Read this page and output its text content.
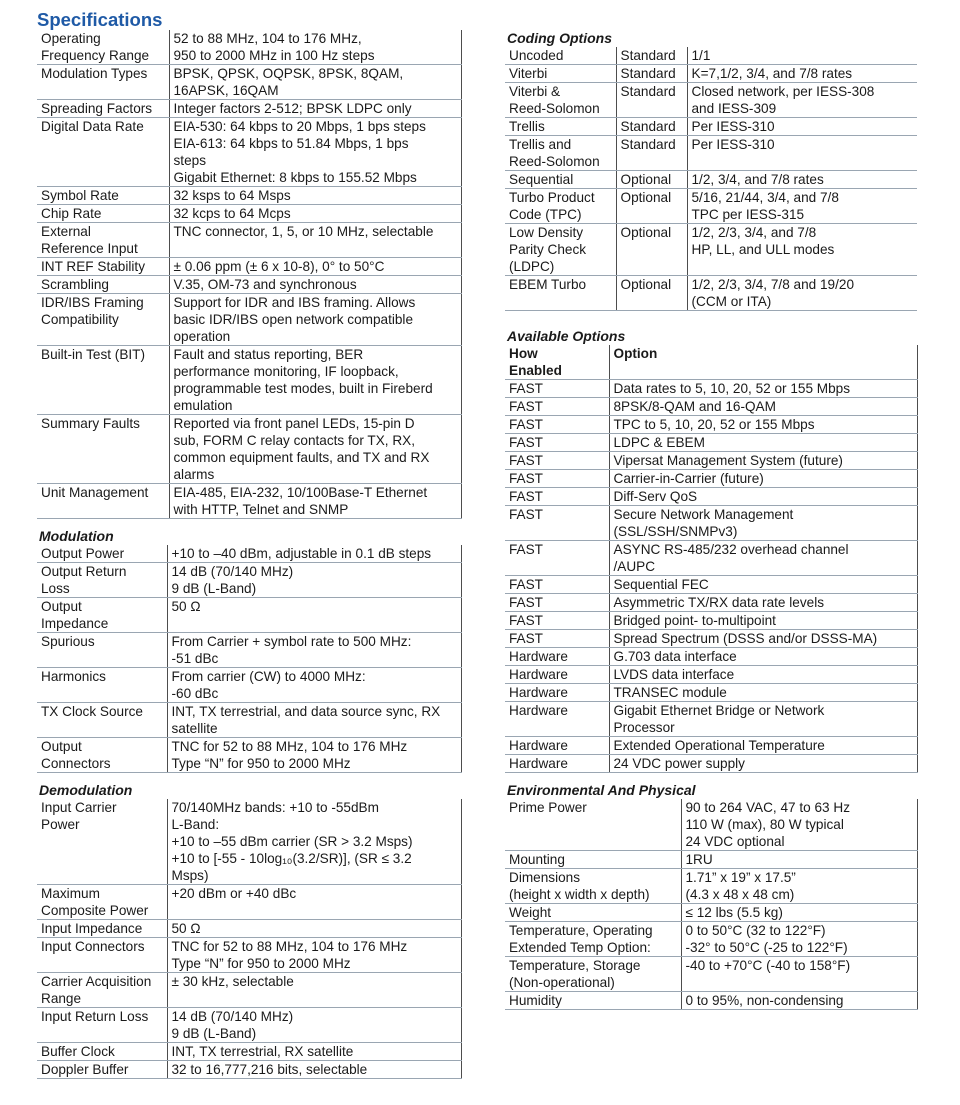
Specifications
Operating
Frequency Range	52 to 88 MHz, 104 to 176 MHz,
950 to 2000 MHz in 100 Hz steps

Modulation Types	BPSK, QPSK, OQPSK, 8PSK, 8QAM,
16APSK, 16QAM

Spreading Factors	Integer factors 2-512; BPSK LDPC only

Digital Data Rate	EIA-530: 64 kbps to 20 Mbps, 1 bps steps
EIA-613: 64 kbps to 51.84 Mbps, 1 bps
steps
Gigabit Ethernet: 8 kbps to 155.52 Mbps

Symbol Rate	32 ksps to 64 Msps

Chip Rate	32 kcps to 64 Mcps

External
Reference Input	TNC connector, 1, 5, or 10 MHz, selectable

INT REF Stability	± 0.06 ppm (± 6 x 10-8), 0° to 50°C

Scrambling	V.35, OM-73 and synchronous

IDR/IBS Framing
Compatibility	Support for IDR and IBS framing. Allows
basic IDR/IBS open network compatible
operation

Built-in Test (BIT)	Fault and status reporting, BER
performance monitoring, IF loopback,
programmable test modes, built in Fireberd
emulation

Summary Faults	Reported via front panel LEDs, 15-pin D
sub, FORM C relay contacts for TX, RX,
common equipment faults, and TX and RX
alarms

Unit Management	EIA-485, EIA-232, 10/100Base-T Ethernet
with HTTP, Telnet and SNMP
Modulation
Output Power	+10 to –40 dBm, adjustable in 0.1 dB steps

Output Return
Loss	14 dB (70/140 MHz)
9 dB (L-Band)

Output
Impedance	50 Ω

Spurious	From Carrier + symbol rate to 500 MHz:
-51 dBc

Harmonics	From carrier (CW) to 4000 MHz:
-60 dBc

TX Clock Source	INT, TX terrestrial, and data source sync, RX
satellite

Output
Connectors	TNC for 52 to 88 MHz, 104 to 176 MHz
Type “N” for 950 to 2000 MHz
Demodulation
Input Carrier
Power	70/140MHz bands: +10 to -55dBm
L-Band:
+10 to –55 dBm carrier (SR > 3.2 Msps)
+10 to [-55 - 10log₁₀(3.2/SR)], (SR ≤ 3.2
Msps)

Maximum
Composite Power	+20 dBm or +40 dBc

Input Impedance	50 Ω

Input Connectors	TNC for 52 to 88 MHz, 104 to 176 MHz
Type “N” for 950 to 2000 MHz

Carrier Acquisition
Range	± 30 kHz, selectable

Input Return Loss	14 dB (70/140 MHz)
9 dB (L-Band)

Buffer Clock	INT, TX terrestrial, RX satellite

Doppler Buffer	32 to 16,777,216 bits, selectable
Coding Options
Uncoded	Standard	1/1

Viterbi	Standard	K=7,1/2, 3/4, and 7/8 rates

Viterbi &
Reed-Solomon	Standard	Closed network, per IESS-308
and IESS-309

Trellis	Standard	Per IESS-310

Trellis and
Reed-Solomon	Standard	Per IESS-310

Sequential	Optional	1/2, 3/4, and 7/8 rates

Turbo Product
Code (TPC)	Optional	5/16, 21/44, 3/4, and 7/8
TPC per IESS-315

Low Density
Parity Check
(LDPC)	Optional	1/2, 2/3, 3/4, and 7/8
HP, LL, and ULL modes

EBEM Turbo	Optional	1/2, 2/3, 3/4, 7/8 and 19/20
(CCM or ITA)
Available Options
How
Enabled	Option

FAST	Data rates to 5, 10, 20, 52 or 155 Mbps

FAST	8PSK/8-QAM and 16-QAM

FAST	TPC to 5, 10, 20, 52 or 155 Mbps

FAST	LDPC & EBEM

FAST	Vipersat Management System (future)

FAST	Carrier-in-Carrier (future)

FAST	Diff-Serv QoS

FAST	Secure Network Management
(SSL/SSH/SNMPv3)

FAST	ASYNC RS-485/232 overhead channel
/AUPC

FAST	Sequential FEC

FAST	Asymmetric TX/RX data rate levels

FAST	Bridged point- to-multipoint

FAST	Spread Spectrum (DSSS and/or DSSS-MA)

Hardware	G.703 data interface

Hardware	LVDS data interface

Hardware	TRANSEC module

Hardware	Gigabit Ethernet Bridge or Network
Processor

Hardware	Extended Operational Temperature

Hardware	24 VDC power supply
Environmental And Physical
Prime Power	90 to 264 VAC, 47 to 63 Hz
110 W (max), 80 W typical
24 VDC optional

Mounting	1RU

Dimensions
(height x width x depth)	1.71” x 19” x 17.5”
(4.3 x 48 x 48 cm)

Weight	≤ 12 lbs (5.5 kg)

Temperature, Operating
Extended Temp Option:	0 to 50°C (32 to 122°F)
-32° to 50°C (-25 to 122°F)

Temperature, Storage
(Non-operational)	-40 to +70°C (-40 to 158°F)

Humidity	0 to 95%, non-condensing
